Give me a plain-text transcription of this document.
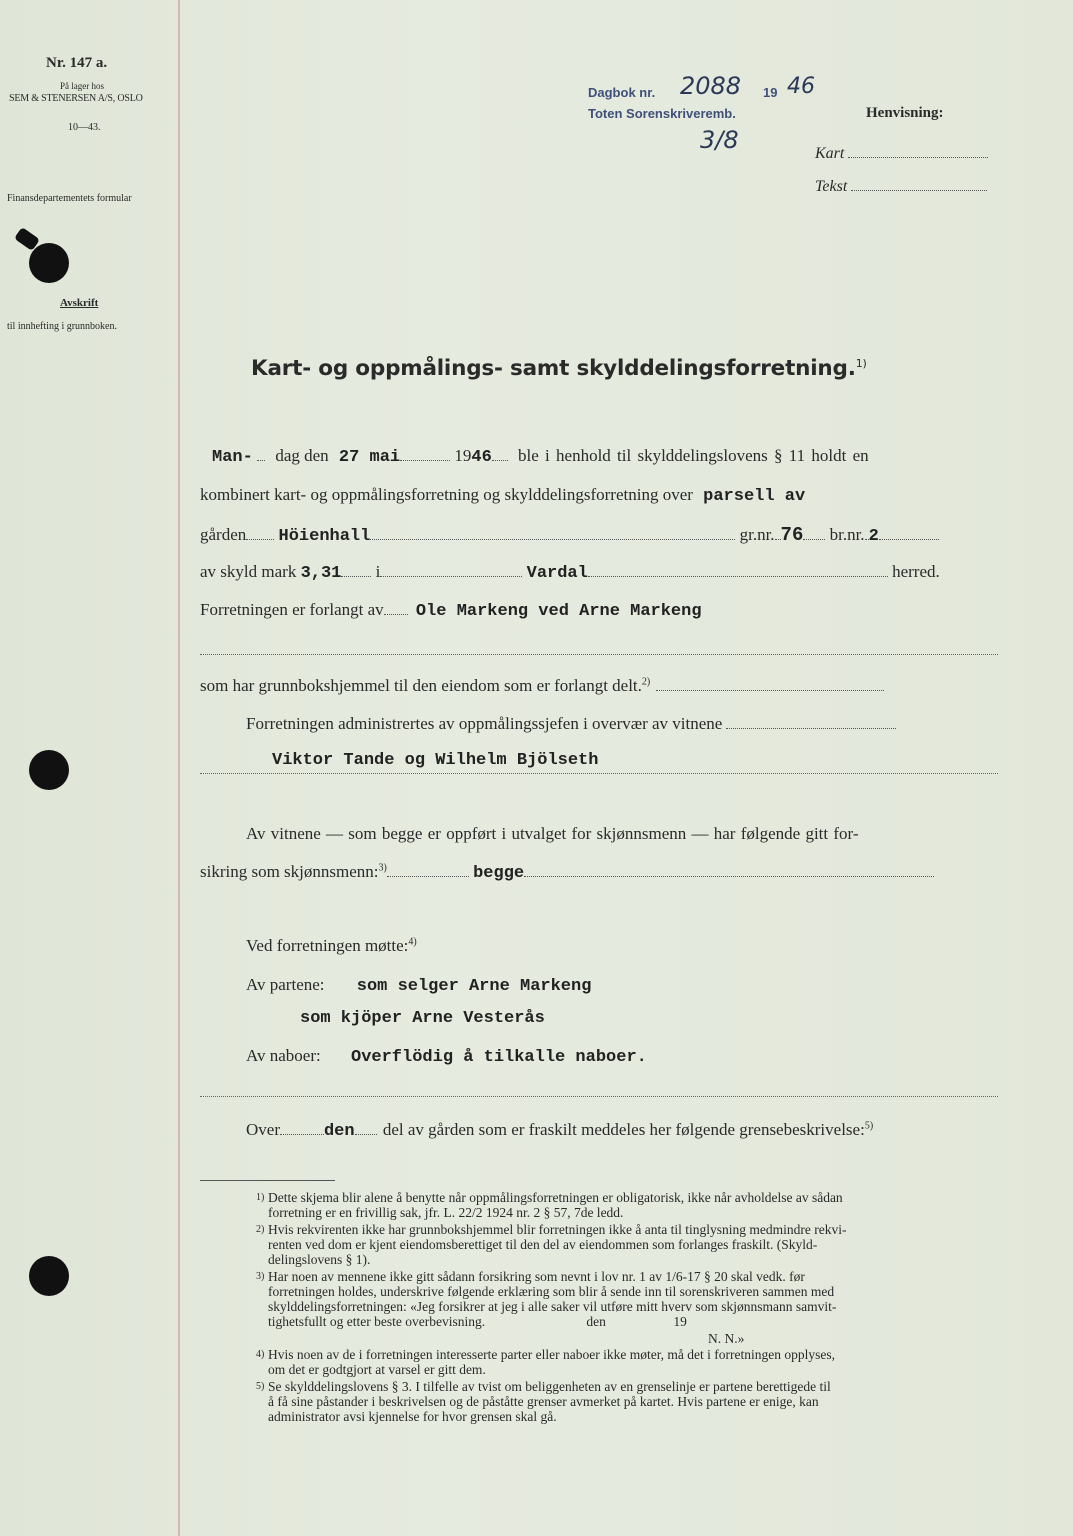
Nr. 147 a.
På lager hos
SEM & STENERSEN A/S, OSLO
10—43.
Finansdepartementets formular
Avskrift
til innhefting i grunnboken.
Dagbok nr. 2088 19 46
Toten Sorenskriveremb.
3/8
Henvisning:
Kart
Tekst
Kart- og oppmålings- samt skylddelingsforretning.$^{1)}$
Man- dag den 27 mai	1946 ble i henhold til skylddelingslovens § 11 holdt en
kombinert kart- og oppmålingsforretning og skylddelingsforretning over parsell av
gården Höienhall	gr.nr. 76 br.nr. 2
av skyld mark 3,31 i	Vardal	herred.
Forretningen er forlangt av Ole Markeng ved Arne Markeng
som har grunnbokshjemmel til den eiendom som er forlangt delt.$^{2)}$
Forretningen administrertes av oppmålingssjefen i overvær av vitnene
Viktor Tande og Wilhelm Bjölseth
Av vitnene — som begge er oppført i utvalget for skjønnsmenn — har følgende gitt for-
sikring som skjønnsmenn:$^{3)}$	begge
Ved forretningen møtte:$^{4)}$
Av partene: som selger Arne Markeng
som kjöper Arne Vesterås
Av naboer: Overflödig å tilkalle naboer.
Over	den del av gården som er fraskilt meddeles her følgende grensebeskrivelse:$^{5)}$
1) Dette skjema blir alene å benytte når oppmålingsforretningen er obligatorisk, ikke når avholdelse av sådan
forretning er en frivillig sak, jfr. L. 22/2 1924 nr. 2 § 57, 7de ledd.
2) Hvis rekvirenten ikke har grunnbokshjemmel blir forretningen ikke å anta til tinglysning medmindre rekvi-
renten ved dom er kjent eiendomsberettiget til den del av eiendommen som forlanges fraskilt. (Skyld-
delingslovens § 1).
3) Har noen av mennene ikke gitt sådann forsikring som nevnt i lov nr. 1 av 1/6-17 § 20 skal vedk. før
forretningen holdes, underskrive følgende erklæring som blir å sende inn til sorenskriveren sammen med
skylddelingsforretningen: «Jeg forsikrer at jeg i alle saker vil utføre mitt hverv som skjønnsmann samvit-
tighetsfullt og etter beste overbevisning.                              den                    19
N. N.»
4) Hvis noen av de i forretningen interesserte parter eller naboer ikke møter, må det i forretningen opplyses,
om det er godtgjort at varsel er gitt dem.
5) Se skylddelingslovens § 3. I tilfelle av tvist om beliggenheten av en grenselinje er partene berettigede til
å få sine påstander i beskrivelsen og de påståtte grenser avmerket på kartet. Hvis partene er enige, kan
administrator avsi kjennelse for hvor grensen skal gå.
